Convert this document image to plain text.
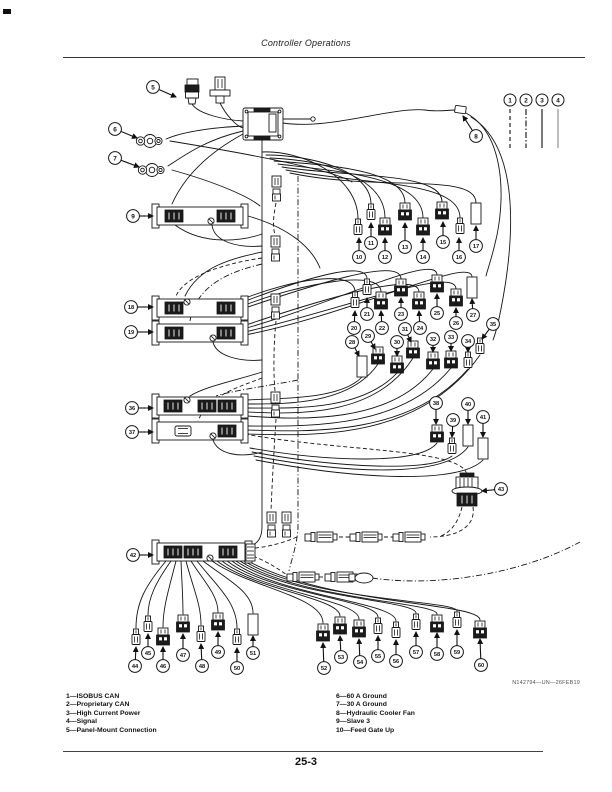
Controller Operations
1 2 3 4
5
6
7
8
9
10
11
12
13
14
15
16
17
18
19
20
21
22
23
24
25
26
27
28
29
30
31
32 33
34
35
36
37
38
39
40
41
42
43
44
45
46
47
48
49
50
51
52
53
54
55
56
57	58 59
60
N142794—UN—26FEB19
1—ISOBUS CAN
2—Proprietary CAN
3—High Current Power
4—Signal
5—Panel-Mount Connection
6—60 A Ground
7—30 A Ground
8—Hydraulic Cooler Fan
9—Slave 3
10—Feed Gate Up
25-3
